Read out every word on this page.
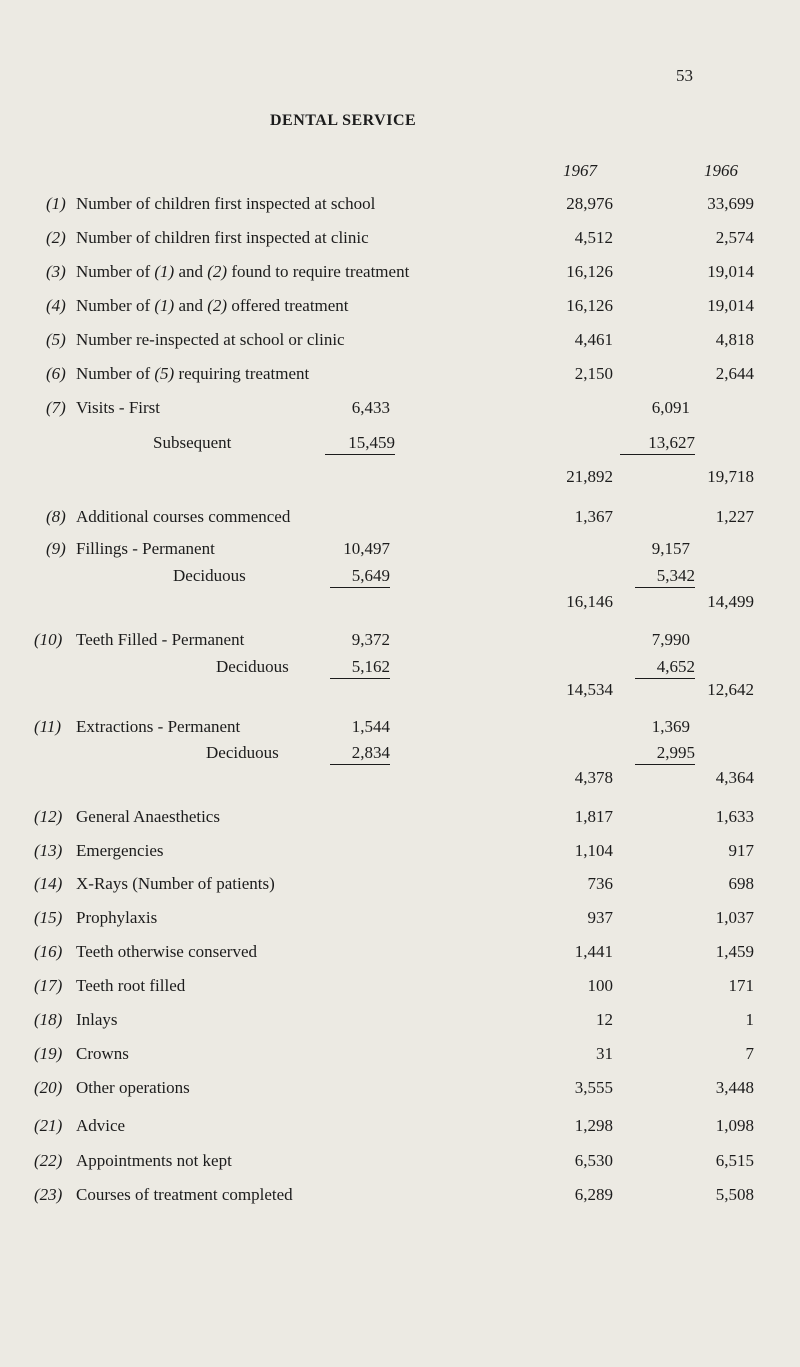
53
DENTAL SERVICE
1967	1966
(1) Number of children first inspected at school	28,976	33,699
(2) Number of children first inspected at clinic	4,512	2,574
(3) Number of (1) and (2) found to require treatment	16,126	19,014
(4) Number of (1) and (2) offered treatment	16,126	19,014
(5) Number re-inspected at school or clinic	4,461	4,818
(6) Number of (5) requiring treatment	2,150	2,644
(7) Visits - First	6,433	6,091
Subsequent	15,459	13,627
21,892	19,718
(8) Additional courses commenced	1,367	1,227
(9) Fillings - Permanent	10,497	9,157
Deciduous	5,649	5,342
16,146	14,499
(10) Teeth Filled - Permanent	9,372	7,990
Deciduous	5,162	4,652
14,534	12,642
(11) Extractions - Permanent	1,544	1,369
Deciduous	2,834	2,995
4,378	4,364
(12) General Anaesthetics	1,817	1,633
(13) Emergencies	1,104	917
(14) X-Rays (Number of patients)	736	698
(15) Prophylaxis	937	1,037
(16) Teeth otherwise conserved	1,441	1,459
(17) Teeth root filled	100	171
(18) Inlays	12	1
(19) Crowns	31	7
(20) Other operations	3,555	3,448
(21) Advice	1,298	1,098
(22) Appointments not kept	6,530	6,515
(23) Courses of treatment completed	6,289	5,508
